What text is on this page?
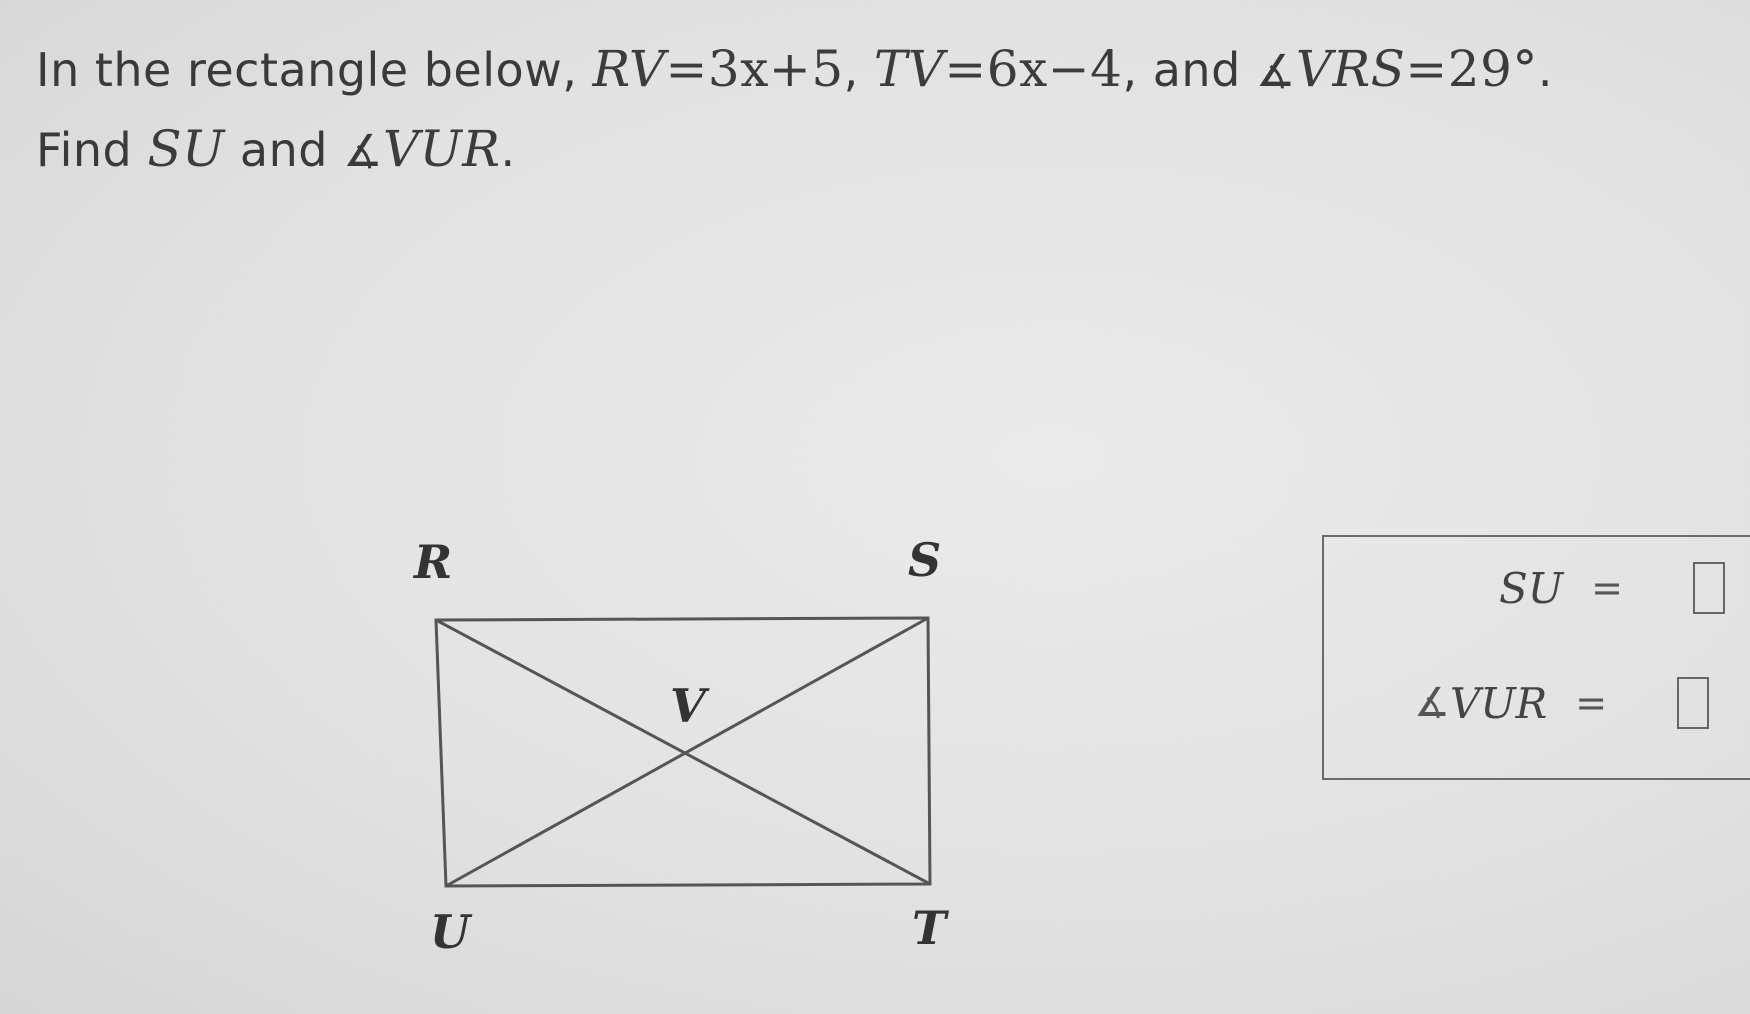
In the rectangle below, RV=3x+5, TV=6x−4, and ∡VRS=29°.
Find SU and ∡VUR.
R	S
V
U	T
SU =
∡ VUR =
